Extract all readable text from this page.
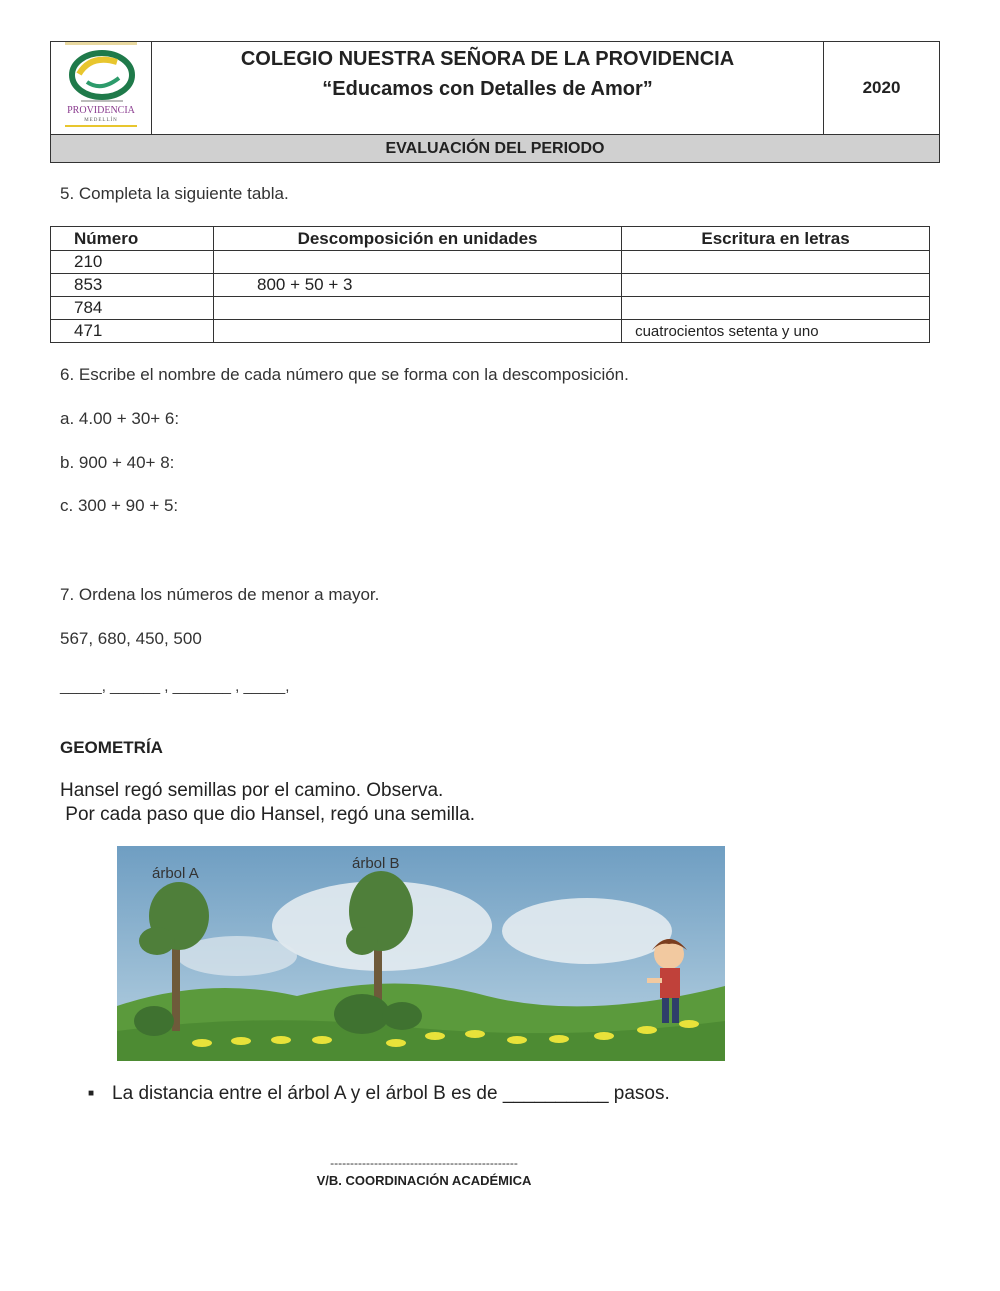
PROVIDENCIA
MEDELLÍN
COLEGIO NUESTRA SEÑORA DE LA PROVIDENCIA
“Educamos con Detalles de Amor”	2020
EVALUACIÓN DEL PERIODO
5. Completa la siguiente tabla.
Número	Descomposición en unidades	Escritura en letras
210		
853	800 + 50 + 3	
784		
471		cuatrocientos setenta y uno
6. Escribe el nombre de cada número que se forma con la descomposición.
a. 4.00 + 30+ 6:
b. 900 + 40+ 8:
c. 300 + 90 + 5:
7. Ordena los números de menor a mayor.
567, 680, 450, 500
_____, ______ , _______ , _____,
GEOMETRÍA
Hansel regó semillas por el camino. Observa.
Por cada paso que dio Hansel, regó una semilla.
árbol A
árbol B
■ La distancia entre el árbol A y el árbol B es de __________ pasos.
-----------------------------------------------
V/B. COORDINACIÓN ACADÉMICA
